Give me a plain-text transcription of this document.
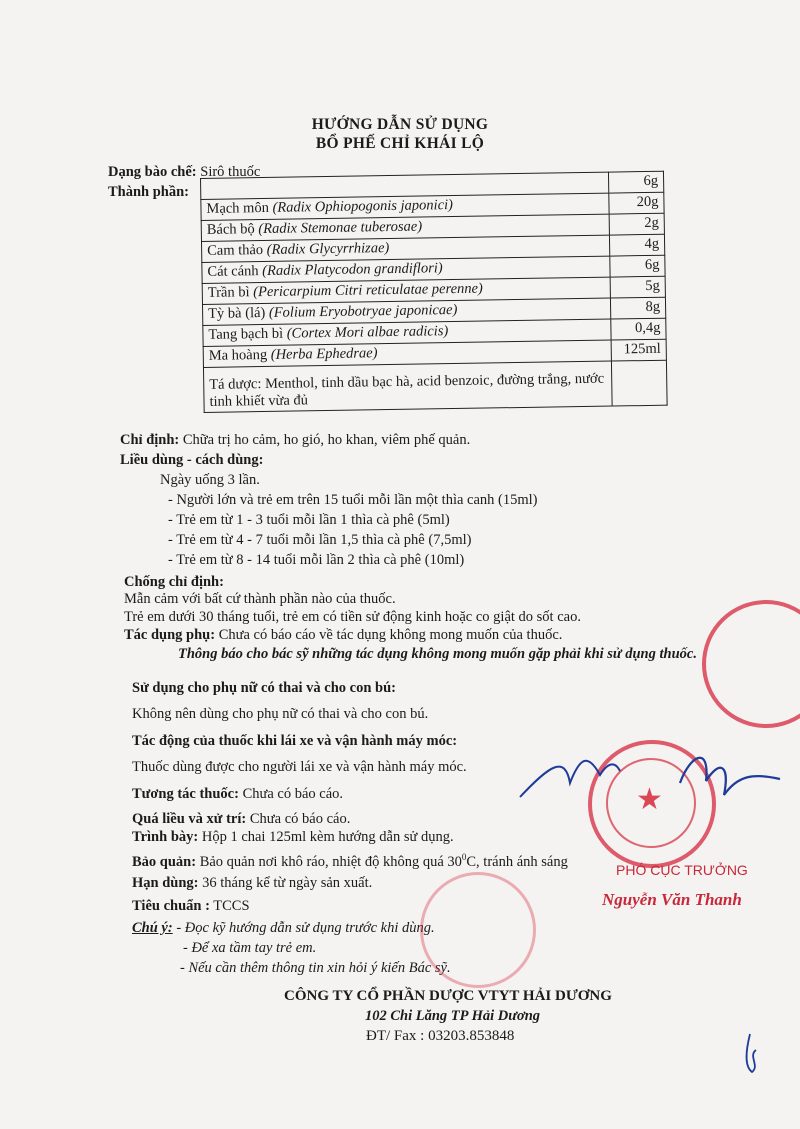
HƯỚNG DẪN SỬ DỤNG
BỔ PHẾ CHỈ KHÁI LỘ
Dạng bào chế: Sirô thuốc
Thành phần:
	6g
Mạch môn (Radix Ophiopogonis japonici)	20g
Bách bộ (Radix Stemonae tuberosae)	2g
Cam thảo (Radix Glycyrrhizae)	4g
Cát cánh (Radix Platycodon grandiflori)	6g
Trần bì (Pericarpium Citri reticulatae perenne)	5g
Tỳ bà (lá) (Folium Eryobotryae japonicae)	8g
Tang bạch bì (Cortex Mori albae radicis)	0,4g
Ma hoàng (Herba Ephedrae)	125ml
Tá dược: Menthol, tinh dầu bạc hà, acid benzoic, đường trắng, nước tinh khiết vừa đủ	
Chỉ định: Chữa trị ho cảm, ho gió, ho khan, viêm phế quản.
Liều dùng - cách dùng:
Ngày uống 3 lần.
- Người lớn và trẻ em trên 15 tuổi mỗi lần một thìa canh (15ml)
- Trẻ em từ 1 - 3 tuổi mỗi lần 1 thìa cà phê (5ml)
- Trẻ em từ 4 - 7 tuổi mỗi lần 1,5 thìa cà phê (7,5ml)
- Trẻ em từ 8 - 14 tuổi mỗi lần 2 thìa cà phê (10ml)
Chống chỉ định:
Mẫn cảm với bất cứ thành phần nào của thuốc.
Trẻ em dưới 30 tháng tuổi, trẻ em có tiền sử động kinh hoặc co giật do sốt cao.
Tác dụng phụ: Chưa có báo cáo về tác dụng không mong muốn của thuốc.
Thông báo cho bác sỹ những tác dụng không mong muốn gặp phải khi sử dụng thuốc.
Sử dụng cho phụ nữ có thai và cho con bú:
Không nên dùng cho phụ nữ có thai và cho con bú.
Tác động của thuốc khi lái xe và vận hành máy móc:
Thuốc dùng được cho người lái xe và vận hành máy móc.
Tương tác thuốc: Chưa có báo cáo.
Quá liều và xử trí: Chưa có báo cáo.
Trình bày: Hộp 1 chai 125ml kèm hướng dẫn sử dụng.
Bảo quản: Bảo quản nơi khô ráo, nhiệt độ không quá $30^0C$, tránh ánh sáng
Hạn dùng: 36 tháng kể từ ngày sản xuất.
Tiêu chuẩn : TCCS
Chú ý: - Đọc kỹ hướng dẫn sử dụng trước khi dùng.
- Để xa tầm tay trẻ em.
- Nếu cần thêm thông tin xin hỏi ý kiến Bác sỹ.
CÔNG TY CỔ PHẦN DƯỢC VTYT HẢI DƯƠNG
102 Chi Lăng TP Hải Dương
ĐT/ Fax : 03203.853848
★
PHÓ CỤC TRƯỞNG
Nguyễn Văn Thanh
